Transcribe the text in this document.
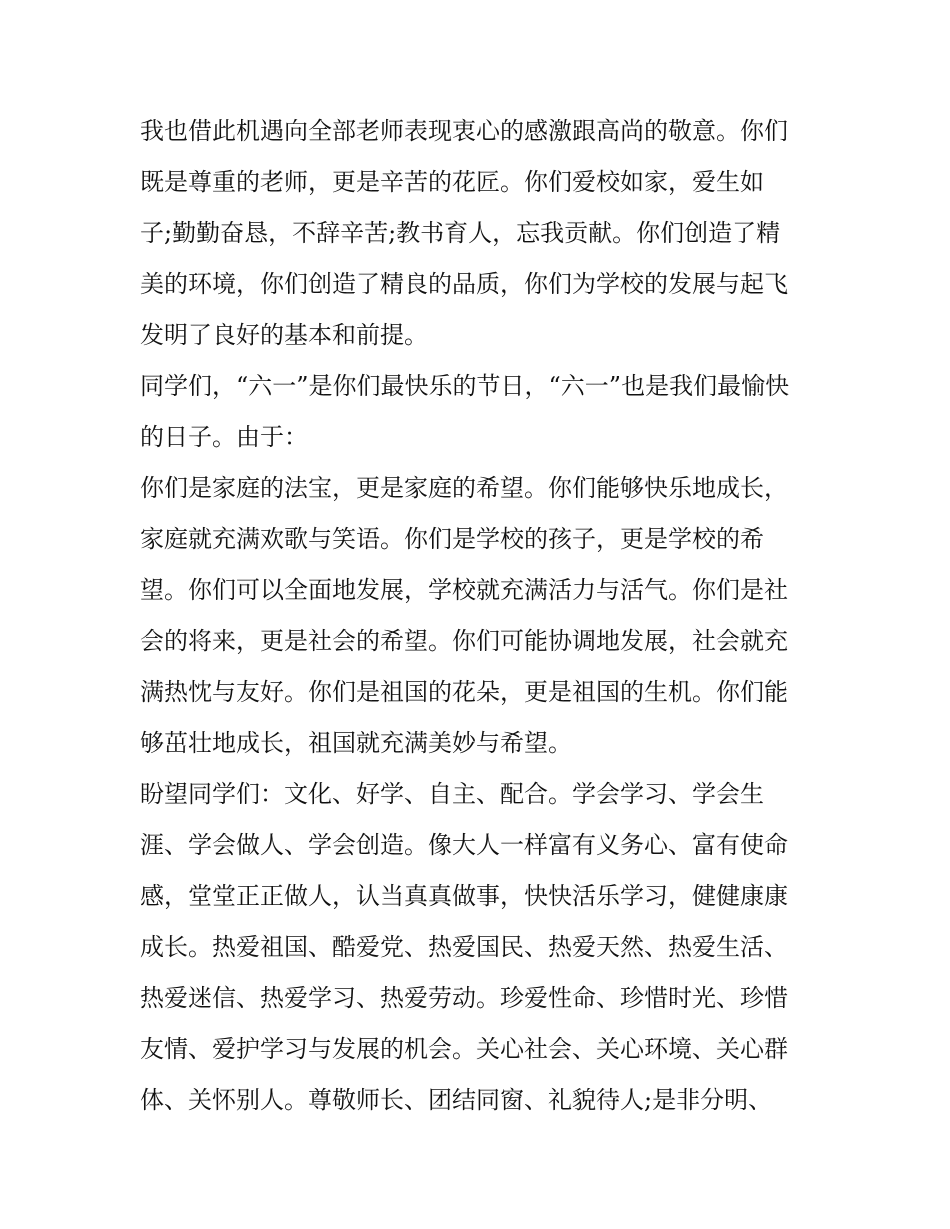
我也借此机遇向全部老师表现衷心的感激跟高尚的敬意。你们
既是尊重的老师，更是辛苦的花匠。你们爱校如家，爱生如
子;勤勤奋恳，不辞辛苦;教书育人，忘我贡献。你们创造了精
美的环境，你们创造了精良的品质，你们为学校的发展与起飞
发明了良好的基本和前提。
同学们，“六一”是你们最快乐的节日，“六一”也是我们最愉快
的日子。由于：
你们是家庭的法宝，更是家庭的希望。你们能够快乐地成长，
家庭就充满欢歌与笑语。你们是学校的孩子，更是学校的希
望。你们可以全面地发展，学校就充满活力与活气。你们是社
会的将来，更是社会的希望。你们可能协调地发展，社会就充
满热忱与友好。你们是祖国的花朵，更是祖国的生机。你们能
够茁壮地成长，祖国就充满美妙与希望。
盼望同学们：文化、好学、自主、配合。学会学习、学会生
涯、学会做人、学会创造。像大人一样富有义务心、富有使命
感，堂堂正正做人，认当真真做事，快快活乐学习，健健康康
成长。热爱祖国、酷爱党、热爱国民、热爱天然、热爱生活、
热爱迷信、热爱学习、热爱劳动。珍爱性命、珍惜时光、珍惜
友情、爱护学习与发展的机会。关心社会、关心环境、关心群
体、关怀别人。尊敬师长、团结同窗、礼貌待人;是非分明、
